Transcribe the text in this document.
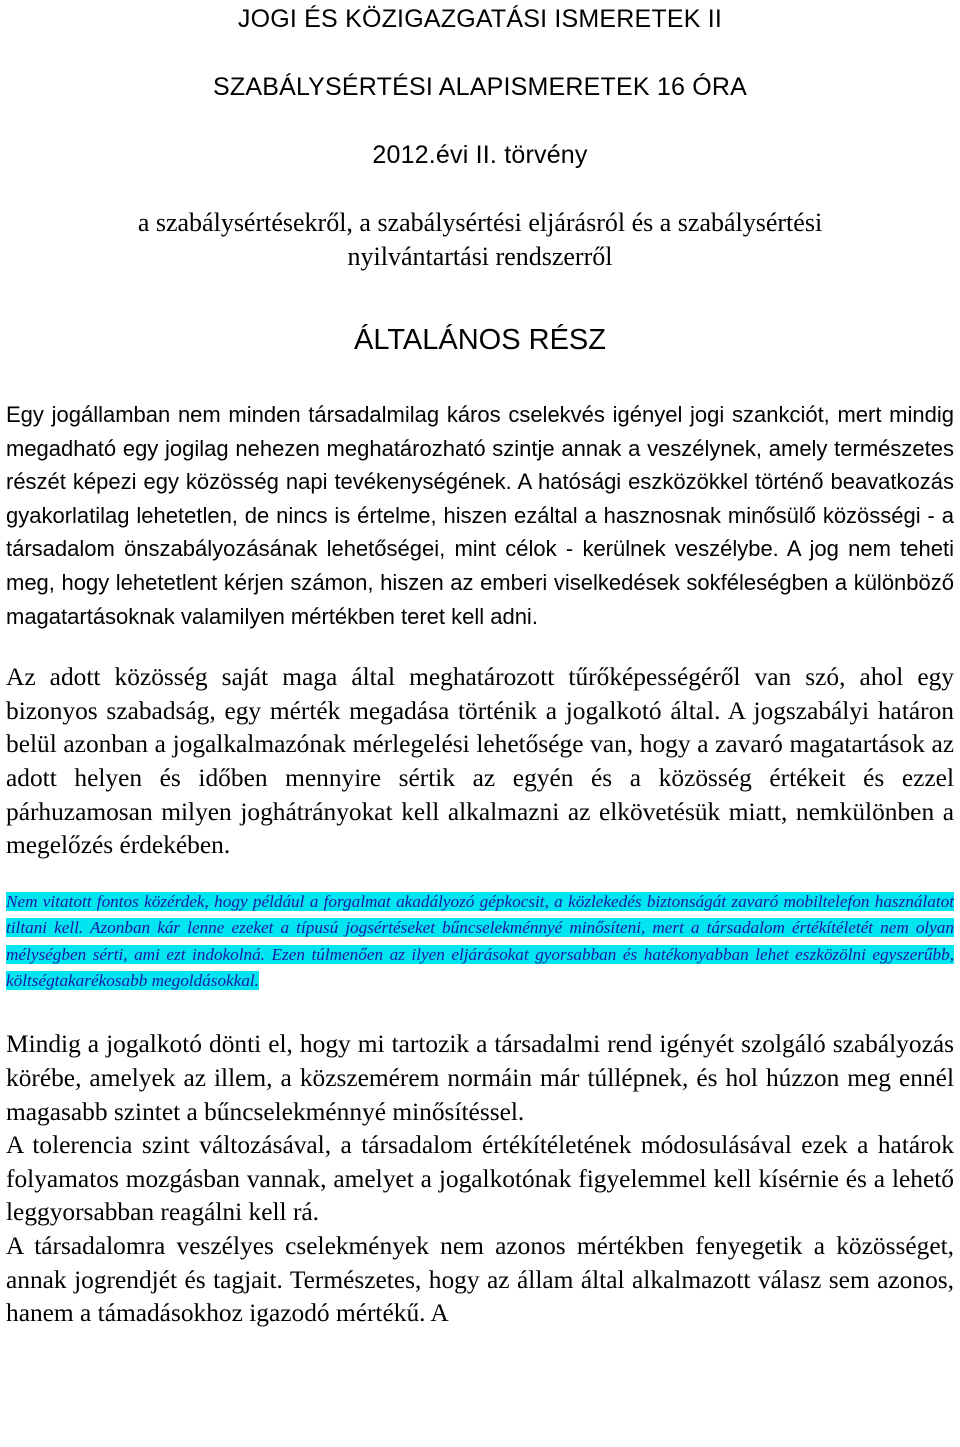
JOGI ÉS KÖZIGAZGATÁSI ISMERETEK II

SZABÁLYSÉRTÉSI ALAPISMERETEK 16 ÓRA

2012.évi II. törvény

a szabálysértésekről, a szabálysértési eljárásról és a szabálysértési

nyilvántartási rendszerről

ÁLTALÁNOS RÉSZ

Egy jogállamban nem minden társadalmilag káros cselekvés igényel jogi szankciót, mert mindig megadható egy jogilag nehezen meghatározható szintje annak a veszélynek, amely természetes részét képezi egy közösség napi tevékenységének. A hatósági eszközökkel történő beavatkozás gyakorlatilag lehetetlen, de nincs is értelme, hiszen ezáltal a hasznosnak minősülő közösségi - a társadalom önszabályozásának lehetőségei, mint célok - kerülnek veszélybe. A jog nem teheti meg, hogy lehetetlent kérjen számon, hiszen az emberi viselkedések sokféleségben a különböző magatartásoknak valamilyen mértékben teret kell adni.

Az adott közösség saját maga által meghatározott tűrőképességéről van szó, ahol egy bizonyos szabadság, egy mérték megadása történik a jogalkotó által. A jogszabályi határon belül azonban a jogalkalmazónak mérlegelési lehetősége van, hogy a zavaró magatartások az adott helyen és időben mennyire sértik az egyén és a közösség értékeit és ezzel párhuzamosan milyen joghátrányokat kell alkalmazni az elkövetésük miatt, nemkülönben a megelőzés érdekében.

Nem vitatott fontos közérdek, hogy például a forgalmat akadályozó gépkocsit, a közlekedés biztonságát zavaró mobiltelefon használatot tiltani kell. Azonban kár lenne ezeket a típusú jogsértéseket bűncselekménnyé minősíteni, mert a társadalom értékítéletét nem olyan mélységben sérti, ami ezt indokolná. Ezen túlmenően az ilyen eljárásokat gyorsabban és hatékonyabban lehet eszközölni egyszerűbb, költségtakarékosabb megoldásokkal.

Mindig a jogalkotó dönti el, hogy mi tartozik a társadalmi rend igényét szolgáló szabályozás körébe, amelyek az illem, a közszemérem normáin már túllépnek, és hol húzzon meg ennél magasabb szintet a bűncselekménnyé minősítéssel.

A tolerencia szint változásával, a társadalom értékítéletének módosulásával ezek a határok folyamatos mozgásban vannak, amelyet a jogalkotónak figyelemmel kell kísérnie és a lehető leggyorsabban reagálni kell rá.

A társadalomra veszélyes cselekmények nem azonos mértékben fenyegetik a közösséget, annak jogrendjét és tagjait. Természetes, hogy az állam által alkalmazott válasz sem azonos, hanem a támadásokhoz igazodó mértékű. A
